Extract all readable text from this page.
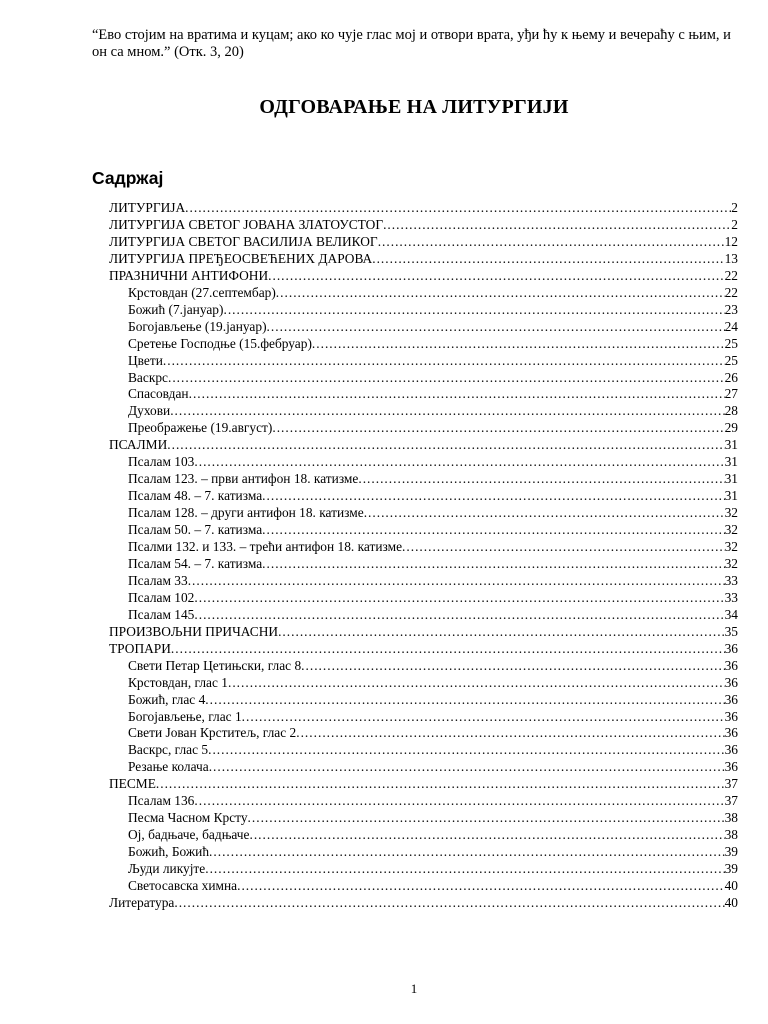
“Ево стојим на вратима и куцам; ако ко чује глас мој и отвори врата, уђи ћу к њему и вечераћу с њим, и он са мном.” (Отк. 3, 20)
ОДГОВАРАЊЕ НА ЛИТУРГИЈИ
Садржај
ЛИТУРГИЈА .....	2
ЛИТУРГИЈА СВЕТОГ ЈОВАНА ЗЛАТОУСТОГ .....	2
ЛИТУРГИЈА СВЕТОГ ВАСИЛИЈА ВЕЛИКОГ .....	12
ЛИТУРГИЈА ПРЕЂЕОСВЕЋЕНИХ ДАРОВА .....	13
ПРАЗНИЧНИ АНТИФОНИ .....	22
Крстовдан (27.септембар) .....	22
Божић (7.јануар) .....	23
Богојављење (19.јануар) .....	24
Сретење Господње (15.фебруар) .....	25
Цвети .....	25
Васкрс .....	26
Спасовдан .....	27
Духови .....	28
Преображење (19.август) .....	29
ПСАЛМИ .....	31
Псалам 103 .....	31
Псалам 123. – први антифон 18. катизме .....	31
Псалам 48. – 7. катизма .....	31
Псалам 128. – други антифон 18. катизме .....	32
Псалам 50. – 7. катизма .....	32
Псалми 132. и 133. – трећи антифон 18. катизме .....	32
Псалам 54. – 7. катизма .....	32
Псалам 33 .....	33
Псалам 102 .....	33
Псалам 145 .....	34
ПРОИЗВОЉНИ ПРИЧАСНИ .....	35
ТРОПАРИ .....	36
Свети Петар Цетињски, глас 8 .....	36
Крстовдан, глас 1 .....	36
Божић, глас 4 .....	36
Богојављење, глас 1 .....	36
Свети Јован Крститељ, глас 2 .....	36
Васкрс, глас 5 .....	36
Резање колача .....	36
ПЕСМЕ .....	37
Псалам 136 .....	37
Песма Часном Крсту .....	38
Ој, бадњаче, бадњаче .....	38
Божић, Божић .....	39
Људи ликујте .....	39
Светосавска химна .....	40
Литература .....	40
1
